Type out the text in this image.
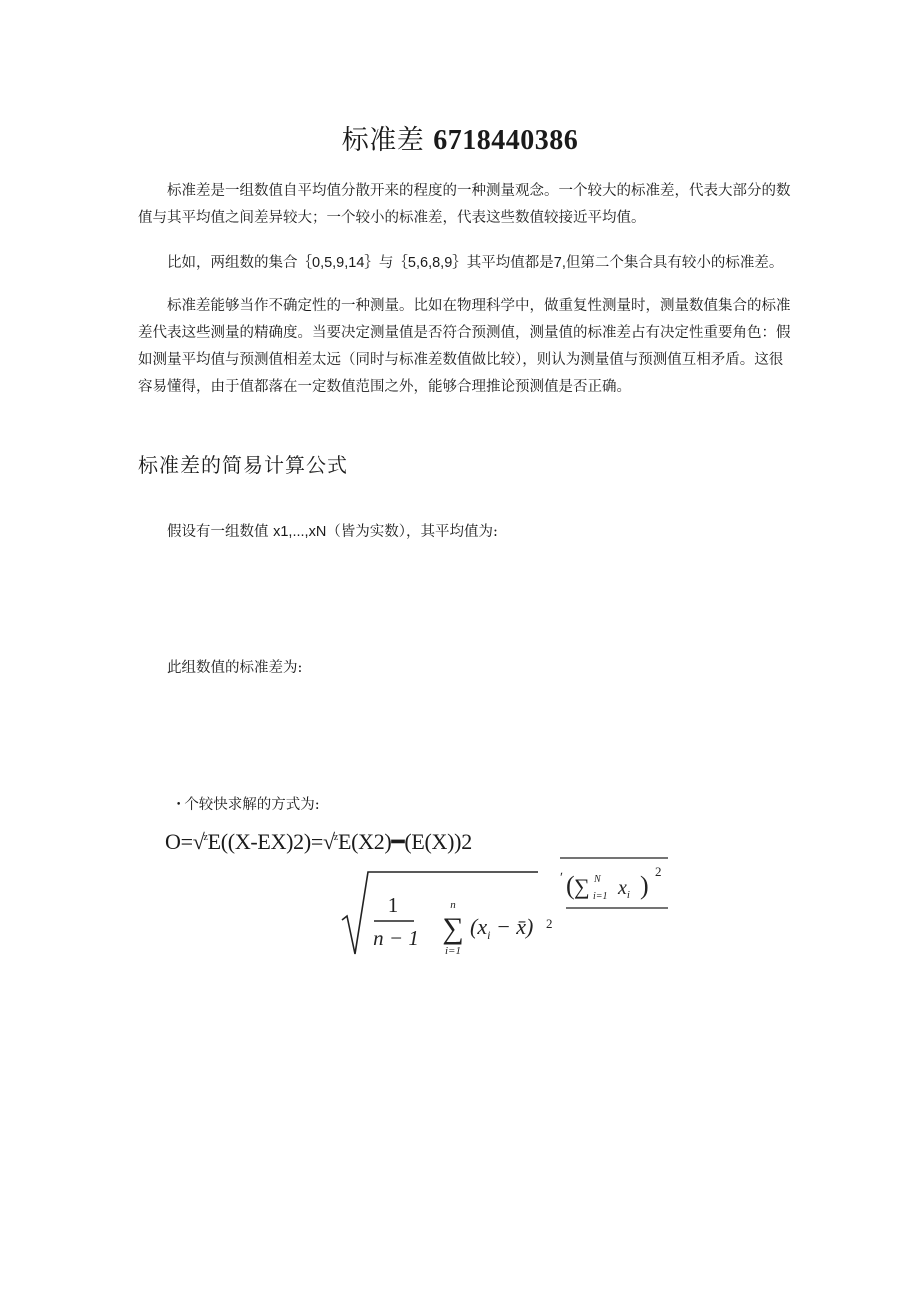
标准差 6718440386

标准差是一组数值自平均值分散开来的程度的一种测量观念。一个较大的标准差，代表大部分的数值与其平均值之间差异较大；一个较小的标准差，代表这些数值较接近平均值。

比如，两组数的集合｛0,5,9,14｝与｛5,6,8,9｝其平均值都是7,但第二个集合具有较小的标准差。

标准差能够当作不确定性的一种测量。比如在物理科学中，做重复性测量时，测量数值集合的标准差代表这些测量的精确度。当要决定测量值是否符合预测值，测量值的标准差占有决定性重要角色：假如测量平均值与预测值相差太远（同时与标准差数值做比较），则认为测量值与预测值互相矛盾。这很容易懂得，由于值都落在一定数值范围之外，能够合理推论预测值是否正确。

标准差的简易计算公式
假设有一组数值 x1,...,xN（皆为实数），其平均值为:
此组数值的标准差为:
• 个较快求解的方式为:
O=√$^z$E((X-EX)2)=√$^z$E(X2)━(E(X))2
1
n − 1
n
∑
i=1
($x_i$ − x̄) 2
ʹ ( ∑ N
i=1 $x_i$ ) 2
